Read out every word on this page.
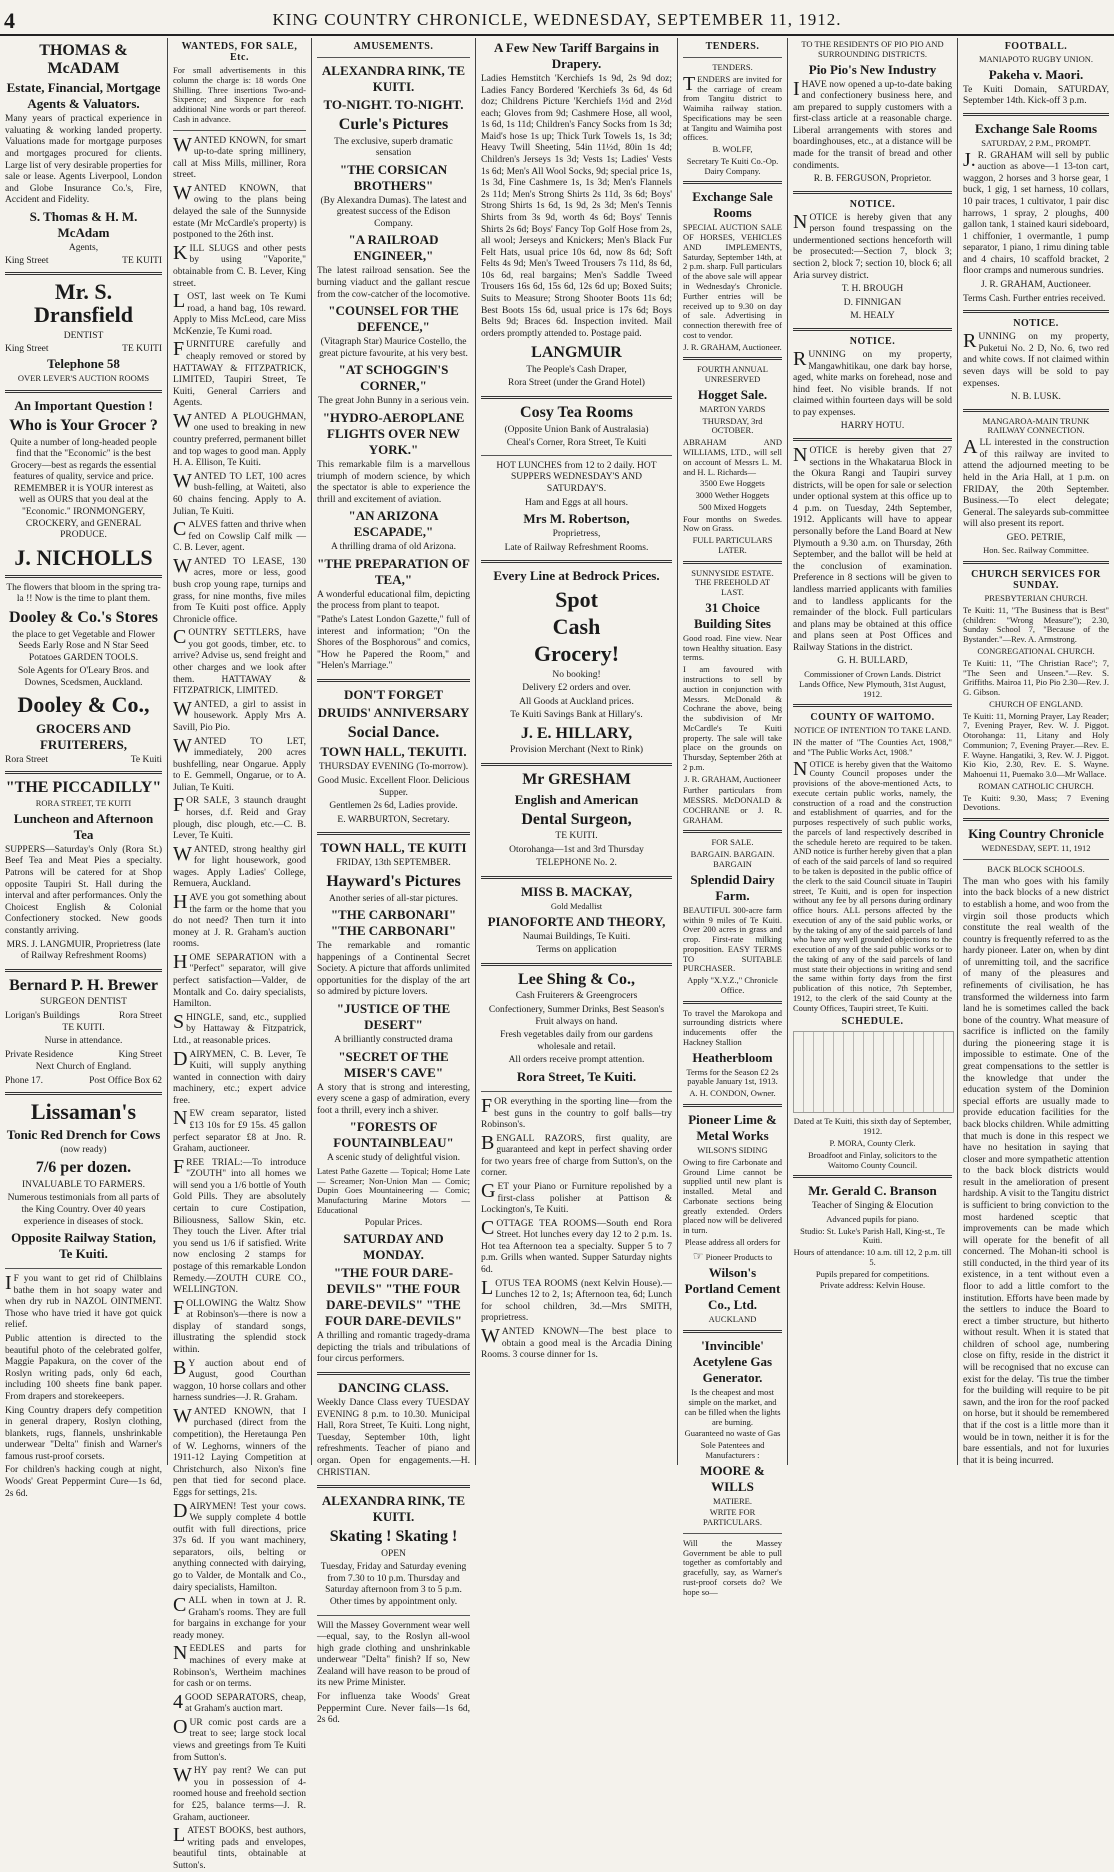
4	KING COUNTRY CHRONICLE, WEDNESDAY, SEPTEMBER 11, 1912.
THOMAS & McADAM
Estate, Financial, Mortgage Agents & Valuators.

Many years of practical experience in valuating & working landed property. Valuations made for mortgage purposes and mortgages procured for clients. Large list of very desirable properties for sale or lease. Agents Liverpool, London and Globe Insurance Co.'s, Fire, Accident and Fidelity.

S. Thomas & H. M. McAdam
Agents,
King Street	TE KUITI
Mr. S. Dransfield
DENTIST
King Street	TE KUITI
Telephone 58
OVER LEVER'S AUCTION ROOMS
An Important Question !
Who is Your Grocer ?

Quite a number of long-headed people find that the "Economic" is the best Grocery—best as regards the essential features of quality, service and price. REMEMBER it is YOUR interest as well as OURS that you deal at the "Economic." IRONMONGERY, CROCKERY, and GENERAL PRODUCE.

J. NICHOLLS

The flowers that bloom in the spring tra-la !! Now is the time to plant them.

Dooley & Co.'s Stores

the place to get Vegetable and Flower Seeds Early Rose and N Star Seed Potatoes GARDEN TOOLS.

Sole Agents for O'Leary Bros. and Downes, Scedsmen, Auckland.

Dooley & Co.,
GROCERS AND FRUITERERS,
Rora Street	Te Kuiti
"THE PICCADILLY"
RORA STREET, TE KUITI
Luncheon and Afternoon Tea

SUPPERS—Saturday's Only (Rora St.) Beef Tea and Meat Pies a specialty. Patrons will be catered for at Shop opposite Taupiri St. Hall during the interval and after performances. Only the Choicest English & Colonial Confectionery stocked. New goods constantly arriving.

MRS. J. LANGMUIR, Proprietress (late of Railway Refreshment Rooms)

Bernard P. H. Brewer
SURGEON DENTIST
Lorigan's Buildings	Rora Street
TE KUITI.
Nurse in attendance.
Private Residence	King Street
Next Church of England.
Phone 17.	Post Office Box 62
Lissaman's
Tonic Red Drench for Cows
(now ready)
7/6 per dozen.
INVALUABLE TO FARMERS.

Numerous testimonials from all parts of the King Country. Over 40 years experience in diseases of stock.

Opposite Railway Station, Te Kuiti.

IF you want to get rid of Chilblains bathe them in hot soapy water and when dry rub in NAZOL OINTMENT. Those who have tried it have got quick relief.

Public attention is directed to the beautiful photo of the celebrated golfer, Maggie Papakura, on the cover of the Roslyn writing pads, only 6d each, including 100 sheets fine bank paper. From drapers and storekeepers.

King Country drapers defy competition in general drapery, Roslyn clothing, blankets, rugs, flannels, unshrinkable underwear "Delta" finish and Warner's famous rust-proof corsets.

For children's hacking cough at night, Woods' Great Peppermint Cure—1s 6d, 2s 6d.

WANTEDS, FOR SALE, Etc.

For small advertisements in this column the charge is: 18 words One Shilling. Three insertions Two-and-Sixpence; and Sixpence for each additional Nine words or part thereof. Cash in advance.

WANTED KNOWN, for smart up-to-date spring millinery, call at Miss Mills, milliner, Rora street.

WANTED KNOWN, that owing to the plans being delayed the sale of the Sunnyside estate (Mr McCardle's property) is postponed to the 26th inst.

KILL SLUGS and other pests by using "Vaporite," obtainable from C. B. Lever, King street.

LOST, last week on Te Kumi road, a hand bag, 10s reward. Apply to Miss McLeod, care Miss McKenzie, Te Kumi road.

FURNITURE carefully and cheaply removed or stored by HATTAWAY & FITZPATRICK, LIMITED, Taupiri Street, Te Kuiti, General Carriers and Agents.

WANTED A PLOUGHMAN, one used to breaking in new country preferred, permanent billet and top wages to good man. Apply H. A. Ellison, Te Kuiti.

WANTED TO LET, 100 acres bush-felling, at Waiteti, also 60 chains fencing. Apply to A. Julian, Te Kuiti.

CALVES fatten and thrive when fed on Cowslip Calf milk — C. B. Lever, agent.

WANTED TO LEASE, 130 acres, more or less, good bush crop young rape, turnips and grass, for nine months, five miles from Te Kuiti post office. Apply Chronicle office.

COUNTRY SETTLERS, have you got goods, timber, etc. to arrive? Advise us, send freight and other charges and we look after them. HATTAWAY & FITZPATRICK, LIMITED.

WANTED, a girl to assist in housework. Apply Mrs A. Savill, Pio Pio.

WANTED TO LET, immediately, 200 acres bushfelling, near Ongarue. Apply to E. Gemmell, Ongarue, or to A. Julian, Te Kuiti.

FOR SALE, 3 staunch draught horses, d.f. Reid and Gray plough, disc plough, etc.—C. B. Lever, Te Kuiti.

WANTED, strong healthy girl for light housework, good wages. Apply Ladies' College, Remuera, Auckland.

HAVE you got something about the farm or the home that you do not need? Then turn it into money at J. R. Graham's auction rooms.

HOME SEPARATION with a "Perfect" separator, will give perfect satisfaction—Valder, de Montalk and Co. dairy specialists, Hamilton.

SHINGLE, sand, etc., supplied by Hattaway & Fitzpatrick, Ltd., at reasonable prices.

DAIRYMEN, C. B. Lever, Te Kuiti, will supply anything wanted in connection with dairy machinery, etc.; expert advice free.

NEW cream separator, listed £13 10s for £9 15s. 45 gallon perfect separator £8 at Jno. R. Graham, auctioneer.

FREE TRIAL:—To introduce "ZOUTH" into all homes we will send you a 1/6 bottle of Youth Gold Pills. They are absolutely certain to cure Costipation, Biliousness, Sallow Skin, etc. They touch the Liver. After trial you send us 1/6 if satisfied. Write now enclosing 2 stamps for postage of this remarkable London Remedy.—ZOUTH CURE CO., WELLINGTON.

FOLLOWING the Waltz Show at Robinson's—there is now a display of standard songs, illustrating the splendid stock within.

BY auction about end of August, good Courthan waggon, 10 horse collars and other harness sundries—J. R. Graham.

WANTED KNOWN, that I purchased (direct from the competition), the Heretaunga Pen of W. Leghorns, winners of the 1911-12 Laying Competition at Christchurch, also Nixon's fine pen that tied for second place. Eggs for settings, 21s.

DAIRYMEN! Test your cows. We supply complete 4 bottle outfit with full directions, price 37s 6d. If you want machinery, separators, oils, belting or anything connected with dairying, go to Valder, de Montalk and Co., dairy specialists, Hamilton.

CALL when in town at J. R. Graham's rooms. They are full for bargains in exchange for your ready money.

NEEDLES and parts for machines of every make at Robinson's, Wertheim machines for cash or on terms.

4GOOD SEPARATORS, cheap, at Graham's auction mart.

OUR comic post cards are a treat to see; large stock local views and greetings from Te Kuiti from Sutton's.

WHY pay rent? We can put you in possession of 4-roomed house and freehold section for £25, balance terms—J. R. Graham, auctioneer.

LATEST BOOKS, best authors, writing pads and envelopes, beautiful tints, obtainable at Sutton's.

AMUSEMENTS.
ALEXANDRA RINK, TE KUITI.
TO-NIGHT. TO-NIGHT.
Curle's Pictures

The exclusive, superb dramatic sensation

"THE CORSICAN BROTHERS"

(By Alexandra Dumas). The latest and greatest success of the Edison Company.

"A RAILROAD ENGINEER,"

The latest railroad sensation. See the burning viaduct and the gallant rescue from the cow-catcher of the locomotive.

"COUNSEL FOR THE DEFENCE,"

(Vitagraph Star) Maurice Costello, the great picture favourite, at his very best.

"AT SCHOGGIN'S CORNER,"

The great John Bunny in a serious vein.

"HYDRO-AEROPLANE FLIGHTS OVER NEW YORK."

This remarkable film is a marvellous triumph of modern science, by which the spectator is able to experience the thrill and excitement of aviation.

"AN ARIZONA ESCAPADE,"

A thrilling drama of old Arizona.

"THE PREPARATION OF TEA,"

A wonderful educational film, depicting the process from plant to teapot.

"Pathe's Latest London Gazette," full of interest and information; "On the Shores of the Bosphorous" and comics, "How he Papered the Room," and "Helen's Marriage."

DON'T FORGET
DRUIDS' ANNIVERSARY
Social Dance.
TOWN HALL, TEKUITI.
THURSDAY EVENING (To-morrow).

Good Music. Excellent Floor. Delicious Supper.

Gentlemen 2s 6d, Ladies provide.

E. WARBURTON, Secretary.

TOWN HALL, TE KUITI
FRIDAY, 13th SEPTEMBER.
Hayward's Pictures

Another series of all-star pictures.

"THE CARBONARI" "THE CARBONARI"

The remarkable and romantic happenings of a Continental Secret Society. A picture that affords unlimited opportunities for the display of the art so admired by picture lovers.

"JUSTICE OF THE DESERT"

A brilliantly constructed drama

"SECRET OF THE MISER'S CAVE"

A story that is strong and interesting, every scene a gasp of admiration, every foot a thrill, every inch a shiver.

"FORESTS OF FOUNTAINBLEAU"

A scenic study of delightful vision.

Latest Pathe Gazette — Topical; Home Late — Screamer; Non-Union Man — Comic; Dupin Goes Mountaineering — Comic; Manufacturing Marine Motors — Educational

Popular Prices.
SATURDAY AND MONDAY.
"THE FOUR DARE-DEVILS" "THE FOUR DARE-DEVILS" "THE FOUR DARE-DEVILS"

A thrilling and romantic tragedy-drama depicting the trials and tribulations of four circus performers.

DANCING CLASS.

Weekly Dance Class every TUESDAY EVENING 8 p.m. to 10.30. Municipal Hall, Rora Street, Te Kuiti. Long night, Tuesday, September 10th, light refreshments. Teacher of piano and organ. Open for engagements.—H. CHRISTIAN.

ALEXANDRA RINK, TE KUITI.
Skating ! Skating !
OPEN

Tuesday, Friday and Saturday evening from 7.30 to 10 p.m. Thursday and Saturday afternoon from 3 to 5 p.m. Other times by appointment only.

Will the Massey Government wear well—equal, say, to the Roslyn all-wool high grade clothing and unshrinkable underwear "Delta" finish? If so, New Zealand will have reason to be proud of its new Prime Minister.

For influenza take Woods' Great Peppermint Cure. Never fails—1s 6d, 2s 6d.

A Few New Tariff Bargains in Drapery.

Ladies Hemstitch 'Kerchiefs 1s 9d, 2s 9d doz; Ladies Fancy Bordered 'Kerchiefs 3s 6d, 4s 6d doz; Childrens Picture 'Kerchiefs 1½d and 2½d each; Gloves from 9d; Cashmere Hose, all wool, 1s 6d, 1s 11d; Children's Fancy Socks from 1s 3d; Maid's hose 1s up; Thick Turk Towels 1s, 1s 3d; Heavy Twill Sheeting, 54in 11½d, 80in 1s 4d; Children's Jerseys 1s 3d; Vests 1s; Ladies' Vests 1s 6d; Men's All Wool Socks, 9d; special price 1s, 1s 3d, Fine Cashmere 1s, 1s 3d; Men's Flannels 2s 11d; Men's Strong Shirts 2s 11d, 3s 6d; Boys' Strong Shirts 1s 6d, 1s 9d, 2s 3d; Men's Tennis Shirts from 3s 9d, worth 4s 6d; Boys' Tennis Shirts 2s 6d; Boys' Fancy Top Golf Hose from 2s, all wool; Jerseys and Knickers; Men's Black Fur Felt Hats, usual price 10s 6d, now 8s 6d; Soft Felts 4s 9d; Men's Tweed Trousers 7s 11d, 8s 6d, 10s 6d, real bargains; Men's Saddle Tweed Trousers 16s 6d, 15s 6d, 12s 6d up; Boxed Suits; Suits to Measure; Strong Shooter Boots 11s 6d; Best Boots 15s 6d, usual price is 17s 6d; Boys Belts 9d; Braces 6d. Inspection invited. Mail orders promptly attended to. Postage paid.

LANGMUIR
The People's Cash Draper,
Rora Street (under the Grand Hotel)
Cosy Tea Rooms
(Opposite Union Bank of Australasia)
Cheal's Corner, Rora Street, Te Kuiti

HOT LUNCHES from 12 to 2 daily. HOT SUPPERS WEDNESDAY'S AND SATURDAY'S.

Ham and Eggs at all hours.
Mrs M. Robertson,
Proprietress,
Late of Railway Refreshment Rooms.
Every Line at Bedrock Prices.
Spot
Cash
Grocery!
No booking!
Delivery £2 orders and over.
All Goods at Auckland prices.
Te Kuiti Savings Bank at Hillary's.
J. E. HILLARY,
Provision Merchant (Next to Rink)
Mr GRESHAM
English and American
Dental Surgeon,
TE KUITI.
Otorohanga—1st and 3rd Thursday
TELEPHONE No. 2.
MISS B. MACKAY,
Gold Medallist
PIANOFORTE AND THEORY,
Naumai Buildings, Te Kuiti.
Terms on application
Lee Shing & Co.,
Cash Fruiterers & Greengrocers

Confectionery, Summer Drinks, Best Season's Fruit always on hand.

Fresh vegetables daily from our gardens wholesale and retail.

All orders receive prompt attention.
Rora Street, Te Kuiti.

FOR everything in the sporting line—from the best guns in the country to golf balls—try Robinson's.

BENGALL RAZORS, first quality, are guaranteed and kept in perfect shaving order for two years free of charge from Sutton's, on the corner.

GET your Piano or Furniture repolished by a first-class polisher at Pattison & Lockington's, Te Kuiti.

COTTAGE TEA ROOMS—South end Rora Street. Hot lunches every day 12 to 2 p.m. 1s. Hot tea Afternoon tea a specialty. Supper 5 to 7 p.m. Grills when wanted. Supper Saturday nights 6d.

LOTUS TEA ROOMS (next Kelvin House).—Lunches 12 to 2, 1s; Afternoon tea, 6d; Lunch for school children, 3d.—Mrs SMITH, proprietress.

WANTED KNOWN—The best place to obtain a good meal is the Arcadia Dining Rooms. 3 course dinner for 1s.

TENDERS.
TENDERS.

TENDERS are invited for the carriage of cream from Tangitu district to Waimiha railway station. Specifications may be seen at Tangitu and Waimiha post offices.

B. WOLFF,
Secretary Te Kuiti Co.-Op. Dairy Company.
Exchange Sale Rooms

SPECIAL AUCTION SALE OF HORSES, VEHICLES AND IMPLEMENTS, Saturday, September 14th, at 2 p.m. sharp. Full particulars of the above sale will appear in Wednesday's Chronicle. Further entries will be received up to 9.30 on day of sale. Advertising in connection therewith free of cost to vendor.

J. R. GRAHAM, Auctioneer.
FOURTH ANNUAL UNRESERVED
Hogget Sale.
MARTON YARDS
THURSDAY, 3rd OCTOBER.

ABRAHAM AND WILLIAMS, LTD., will sell on account of Messrs L. M. and H. L. Richards—

3500 Ewe Hoggets
3000 Wether Hoggets
500 Mixed Hoggets

Four months on Swedes. Now on Grass.

FULL PARTICULARS LATER.
SUNNYSIDE ESTATE. THE FREEHOLD AT LAST.
31 Choice Building Sites

Good road. Fine view. Near town Healthy situation. Easy terms.

I am favoured with instructions to sell by auction in conjunction with Messrs. McDonald & Cochrane the above, being the subdivision of Mr McCardle's Te Kuiti property. The sale will take place on the grounds on Thursday, September 26th at 2 p.m.

J. R. GRAHAM, Auctioneer

Further particulars from MESSRS. McDONALD & COCHRANE or J. R. GRAHAM.

FOR SALE.
BARGAIN. BARGAIN. BARGAIN
Splendid Dairy Farm.

BEAUTIFUL 300-acre farm within 9 miles of Te Kuiti. Over 200 acres in grass and crop. First-rate milking proposition. EASY TERMS TO SUITABLE PURCHASER.

Apply "X.Y.Z.," Chronicle Office.

To travel the Marokopa and surrounding districts where inducements offer the Hackney Stallion

Heatherbloom

Terms for the Season £2 2s payable January 1st, 1913.

A. H. CONDON, Owner.
Pioneer Lime & Metal Works
WILSON'S SIDING

Owing to fire Carbonate and Ground Lime cannot be supplied until new plant is installed. Metal and Carbonate sections being greatly extended. Orders placed now will be delivered in turn.

Please address all orders for
☞ Pioneer Products to
Wilson's Portland Cement Co., Ltd.
AUCKLAND
'Invincible' Acetylene Gas Generator.

Is the cheapest and most simple on the market, and can be filled when the lights are burning.

Guaranteed no waste of Gas
Sole Patentees and Manufacturers :
MOORE & WILLS
MATIERE.
WRITE FOR PARTICULARS.

Will the Massey Government be able to pull together as comfortably and gracefully, say, as Warner's rust-proof corsets do? We hope so—

TO THE RESIDENTS OF PIO PIO AND SURROUNDING DISTRICTS.
Pio Pio's New Industry

IHAVE now opened a up-to-date baking and confectionery business here, and am prepared to supply customers with a first-class article at a reasonable charge. Liberal arrangements with stores and boardinghouses, etc., at a distance will be made for the transit of bread and other condiments.

R. B. FERGUSON, Proprietor.
NOTICE.

NOTICE is hereby given that any person found trespassing on the undermentioned sections henceforth will be prosecuted:—Section 7, block 3; section 2, block 7; section 10, block 6; all Aria survey district.

T. H. BROUGH
D. FINNIGAN
M. HEALY
NOTICE.

RUNNING on my property, Mangawhitikau, one dark bay horse, aged, white marks on forehead, nose and hind feet. No visible brands. If not claimed within fourteen days will be sold to pay expenses.

HARRY HOTU.

NOTICE is hereby given that 27 sections in the Whakatarua Block in the Okura Rangi and Taupiri survey districts, will be open for sale or selection under optional system at this office up to 4 p.m. on Tuesday, 24th September, 1912. Applicants will have to appear personally before the Land Board at New Plymouth a 9.30 a.m. on Thursday, 26th September, and the ballot will be held at the conclusion of examination. Preference in 8 sections will be given to landless married applicants with families and to landless applicants for the remainder of the block. Full particulars and plans may be obtained at this office and plans seen at Post Offices and Railway Stations in the district.

G. H. BULLARD,

Commissioner of Crown Lands. District Lands Office, New Plymouth, 31st August, 1912.

COUNTY OF WAITOMO.
NOTICE OF INTENTION TO TAKE LAND.

IN the matter of "The Counties Act, 1908," and "The Public Works Act, 1908."

NOTICE is hereby given that the Waitomo County Council proposes under the provisions of the above-mentioned Acts, to execute certain public works, namely, the construction of a road and the construction and establishment of quarries, and for the purposes respectively of such public works, the parcels of land respectively described in the schedule hereto are required to be taken. AND notice is further hereby given that a plan of each of the said parcels of land so required to be taken is deposited in the public office of the clerk to the said Council situate in Taupiri street, Te Kuiti, and is open for inspection without any fee by all persons during ordinary office hours. ALL persons affected by the execution of any of the said public works, or by the taking of any of the said parcels of land who have any well grounded objections to the execution of any of the said public works or to the taking of any of the said parcels of land must state their objections in writing and send the same within forty days from the first publication of this notice, 7th September, 1912, to the clerk of the said County at the County Offices, Taupiri street, Te Kuiti.

SCHEDULE.

Dated at Te Kuiti, this sixth day of September, 1912.

P. MORA, County Clerk.

Broadfoot and Finlay, solicitors to the Waitomo County Council.

Mr. Gerald C. Branson
Teacher of Singing & Elocution
Advanced pupils for piano.
Studio: St. Luke's Parish Hall, King-st., Te Kuiti.
Hours of attendance: 10 a.m. till 12, 2 p.m. till 5.
Pupils prepared for competitions.
Private address: Kelvin House.
FOOTBALL.
MANIAPOTO RUGBY UNION.
Pakeha v. Maori.

Te Kuiti Domain, SATURDAY, September 14th. Kick-off 3 p.m.

Exchange Sale Rooms
SATURDAY, 2 P.M., PROMPT.

J.R. GRAHAM will sell by public auction as above—1 13-ton cart, waggon, 2 horses and 3 horse gear, 1 buck, 1 gig, 1 set harness, 10 collars, 10 pair traces, 1 cultivator, 1 pair disc harrows, 1 spray, 2 ploughs, 400 gallon tank, 1 stained kauri sideboard, 1 chiffonier, 1 overmantle, 1 pump separator, 1 piano, 1 rimu dining table and 4 chairs, 10 scaffold bracket, 2 floor cramps and numerous sundries.

J. R. GRAHAM, Auctioneer.

Terms Cash. Further entries received.

NOTICE.

RUNNING on my property, Puketui No. 2 D, No. 6, two red and white cows. If not claimed within seven days will be sold to pay expenses.

N. B. LUSK.
MANGAROA-MAIN TRUNK RAILWAY CONNECTION.

ALL interested in the construction of this railway are invited to attend the adjourned meeting to be held in the Aria Hall, at 1 p.m. on FRIDAY, the 20th September. Business.—To elect delegate; General. The saleyards sub-committee will also present its report.

GEO. PETRIE,
Hon. Sec. Railway Committee.
CHURCH SERVICES FOR SUNDAY.
PRESBYTERIAN CHURCH.

Te Kuiti: 11, "The Business that is Best" (children: "Wrong Measure"); 2.30, Sunday School 7, "Because of the Bystander."—Rev. A. Armstrong.

CONGREGATIONAL CHURCH.

Te Kuiti: 11, "The Christian Race"; 7, "The Seen and Unseen."—Rev. S. Griffiths. Mairoa 11, Pio Pio 2.30—Rev. J. G. Gibson.

CHURCH OF ENGLAND.

Te Kuiti: 11, Morning Prayer, Lay Reader; 7, Evening Prayer, Rev. W. J. Piggot. Otorohanga: 11, Litany and Holy Communion; 7, Evening Prayer.—Rev. E. F. Wayne. Hangatiki, 3, Rev. W. J. Piggot. Kio Kio, 2.30, Rev. E. S. Wayne. Mahoenui 11, Puemako 3.0—Mr Wallace.

ROMAN CATHOLIC CHURCH.

Te Kuiti: 9.30, Mass; 7 Evening Devotions.

King Country Chronicle
WEDNESDAY, SEPT. 11, 1912
BACK BLOCK SCHOOLS.

The man who goes with his family into the back blocks of a new district to establish a home, and woo from the virgin soil those products which constitute the real wealth of the country is frequently referred to as the hardy pioneer. Later on, when by dint of unremitting toil, and the sacrifice of many of the pleasures and refinements of civilisation, he has transformed the wilderness into farm land he is sometimes called the back bone of the country. What measure of sacrifice is inflicted on the family during the pioneering stage it is impossible to estimate. One of the great compensations to the settler is the knowledge that under the education system of the Dominion special efforts are usually made to provide education facilities for the back blocks children. While admitting that much is done in this respect we have no hesitation in saying that closer and more sympathetic attention to the back block districts would result in the amelioration of present hardship. A visit to the Tangitu district is sufficient to bring conviction to the most hardened sceptic that improvements can be made which will operate for the benefit of all concerned. The Mohan-iti school is still conducted, in the third year of its existence, in a tent without even a floor to add a little comfort to the institution. Efforts have been made by the settlers to induce the Board to erect a timber structure, but hitherto without result. When it is stated that children of school age, numbering close on fifty, reside in the district it will be recognised that no excuse can exist for the delay. 'Tis true the timber for the building will require to be pit sawn, and the iron for the roof packed on horse, but it should be remembered that if the cost is a little more than it would be in town, neither it is for the bare essentials, and not for luxuries that it is being incurred.
